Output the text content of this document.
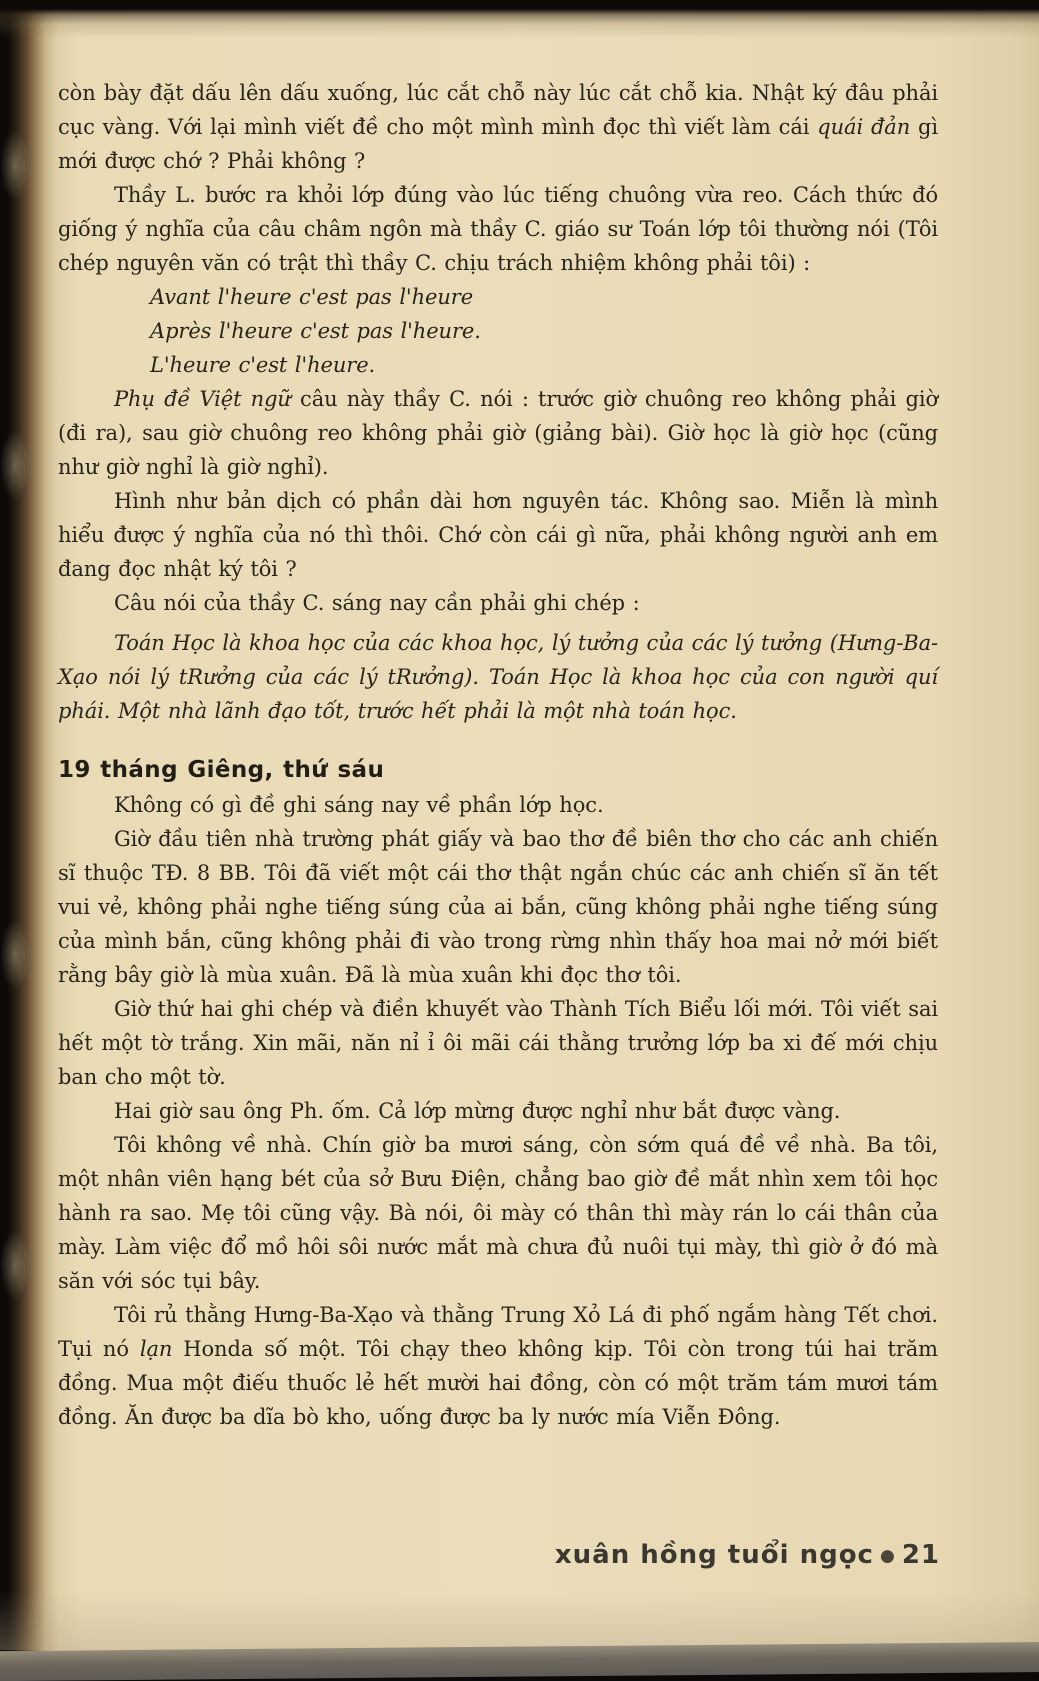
còn bày đặt dấu lên dấu xuống, lúc cắt chỗ này lúc cắt chỗ kia. Nhật ký đâu phải cục vàng. Với lại mình viết đề cho một mình mình đọc thì viết làm cái quái đản gì mới được chớ ? Phải không ?

Thầy L. bước ra khỏi lớp đúng vào lúc tiếng chuông vừa reo. Cách thức đó giống ý nghĩa của câu châm ngôn mà thầy C. giáo sư Toán lớp tôi thường nói (Tôi chép nguyên văn có trật thì thầy C. chịu trách nhiệm không phải tôi) :

Avant l'heure c'est pas l'heure
Après l'heure c'est pas l'heure.
L'heure c'est l'heure.

Phụ đề Việt ngữ câu này thầy C. nói : trước giờ chuông reo không phải giờ (đi ra), sau giờ chuông reo không phải giờ (giảng bài). Giờ học là giờ học (cũng như giờ nghỉ là giờ nghỉ).

Hình như bản dịch có phần dài hơn nguyên tác. Không sao. Miễn là mình hiểu được ý nghĩa của nó thì thôi. Chớ còn cái gì nữa, phải không người anh em đang đọc nhật ký tôi ?

Câu nói của thầy C. sáng nay cần phải ghi chép :

Toán Học là khoa học của các khoa học, lý tưởng của các lý tưởng (Hưng-Ba-Xạo nói lý tRưởng của các lý tRưởng). Toán Học là khoa học của con người quí phái. Một nhà lãnh đạo tốt, trước hết phải là một nhà toán học.

19 tháng Giêng, thứ sáu

Không có gì đề ghi sáng nay về phần lớp học.

Giờ đầu tiên nhà trường phát giấy và bao thơ đề biên thơ cho các anh chiến sĩ thuộc TĐ. 8 BB. Tôi đã viết một cái thơ thật ngắn chúc các anh chiến sĩ ăn tết vui vẻ, không phải nghe tiếng súng của ai bắn, cũng không phải nghe tiếng súng của mình bắn, cũng không phải đi vào trong rừng nhìn thấy hoa mai nở mới biết rằng bây giờ là mùa xuân. Đã là mùa xuân khi đọc thơ tôi.

Giờ thứ hai ghi chép và điền khuyết vào Thành Tích Biểu lối mới. Tôi viết sai hết một tờ trắng. Xin mãi, năn nỉ ỉ ôi mãi cái thằng trưởng lớp ba xi đế mới chịu ban cho một tờ.

Hai giờ sau ông Ph. ốm. Cả lớp mừng được nghỉ như bắt được vàng.

Tôi không về nhà. Chín giờ ba mươi sáng, còn sớm quá đề về nhà. Ba tôi, một nhân viên hạng bét của sở Bưu Điện, chẳng bao giờ đề mắt nhìn xem tôi học hành ra sao. Mẹ tôi cũng vậy. Bà nói, ôi mày có thân thì mày rán lo cái thân của mày. Làm việc đổ mồ hôi sôi nước mắt mà chưa đủ nuôi tụi mày, thì giờ ở đó mà săn với sóc tụi bây.

Tôi rủ thằng Hưng-Ba-Xạo và thằng Trung Xỏ Lá đi phố ngắm hàng Tết chơi. Tụi nó lạn Honda số một. Tôi chạy theo không kịp. Tôi còn trong túi hai trăm đồng. Mua một điếu thuốc lẻ hết mười hai đồng, còn có một trăm tám mươi tám đồng. Ăn được ba dĩa bò kho, uống được ba ly nước mía Viễn Đông.

xuân hồng tuổi ngọc ● 21
